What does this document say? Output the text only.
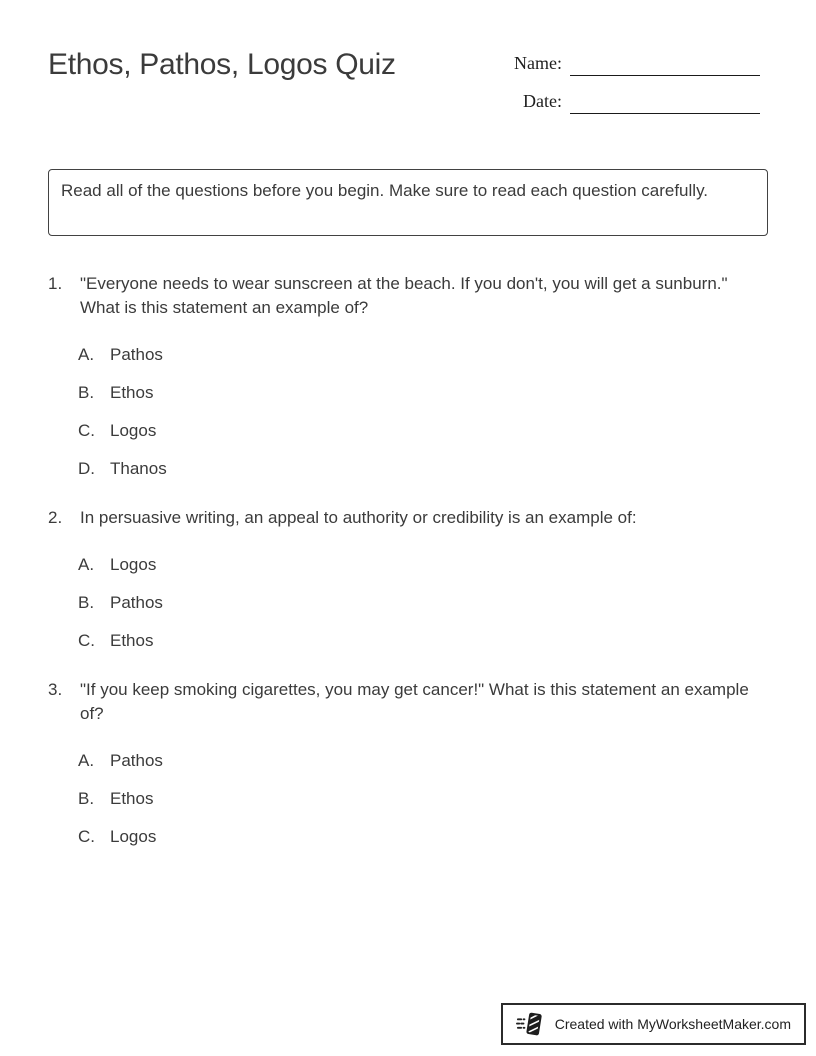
Ethos, Pathos, Logos Quiz	Name:
Date:

Read all of the questions before you begin. Make sure to read each question carefully.

1.	"Everyone needs to wear sunscreen at the beach. If you don't, you will get a sunburn." What is this statement an example of?
A. Pathos
B. Ethos
C. Logos
D. Thanos
2.	In persuasive writing, an appeal to authority or credibility is an example of:
A. Logos
B. Pathos
C. Ethos
3.	"If you keep smoking cigarettes, you may get cancer!" What is this statement an example of?
A. Pathos
B. Ethos
C. Logos
Created with MyWorksheetMaker.com
